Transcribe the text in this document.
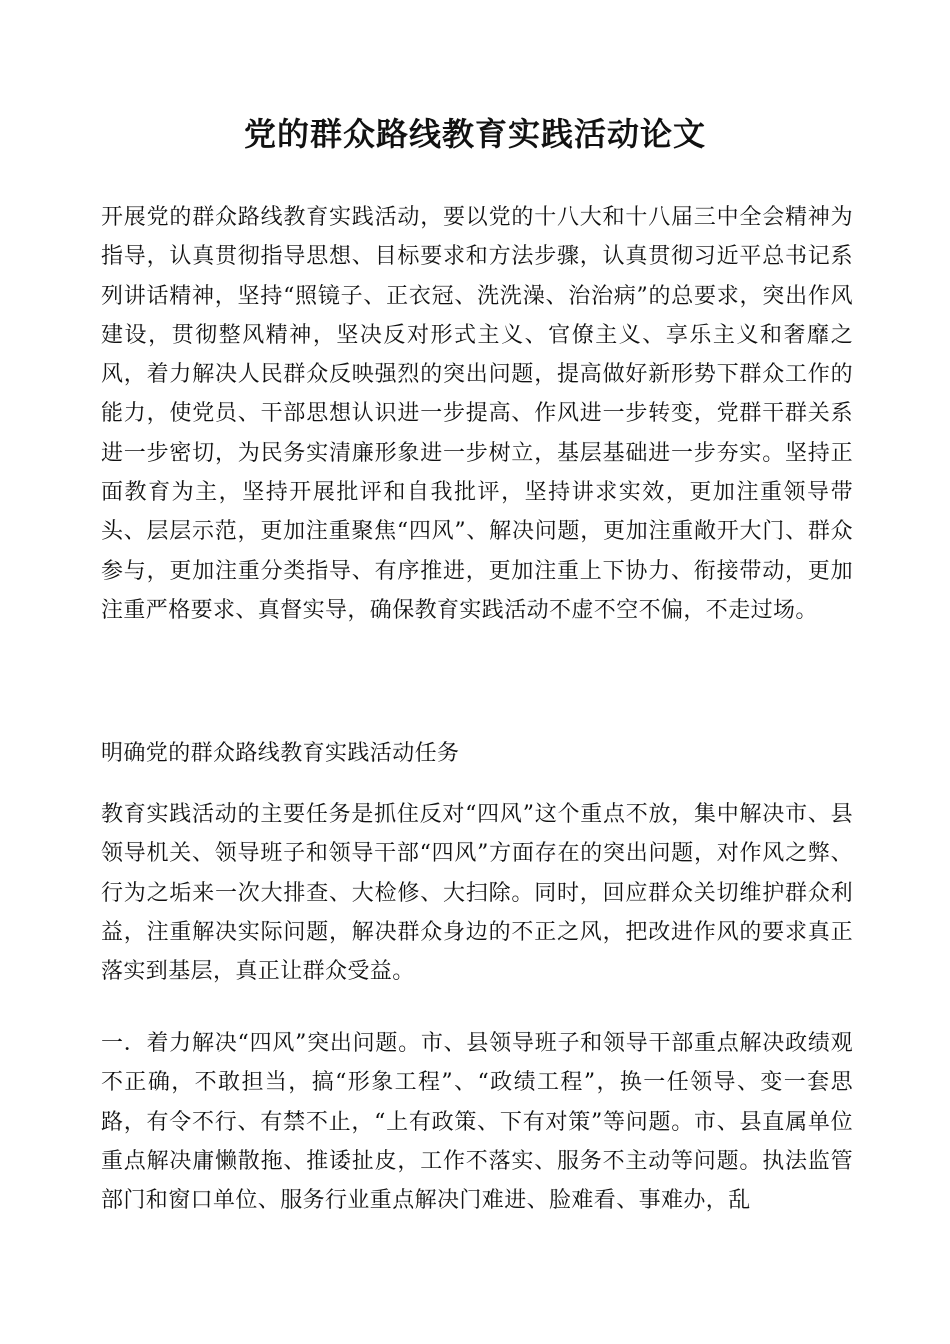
党的群众路线教育实践活动论文

开展党的群众路线教育实践活动，要以党的十八大和十八届三中全会精神为指导，认真贯彻指导思想、目标要求和方法步骤，认真贯彻习近平总书记系列讲话精神，坚持“照镜子、正衣冠、洗洗澡、治治病”的总要求，突出作风建设，贯彻整风精神，坚决反对形式主义、官僚主义、享乐主义和奢靡之风，着力解决人民群众反映强烈的突出问题，提高做好新形势下群众工作的能力，使党员、干部思想认识进一步提高、作风进一步转变，党群干群关系进一步密切，为民务实清廉形象进一步树立，基层基础进一步夯实。坚持正面教育为主，坚持开展批评和自我批评，坚持讲求实效，更加注重领导带头、层层示范，更加注重聚焦“四风”、解决问题，更加注重敞开大门、群众参与，更加注重分类指导、有序推进，更加注重上下协力、衔接带动，更加注重严格要求、真督实导，确保教育实践活动不虚不空不偏，不走过场。

明确党的群众路线教育实践活动任务

教育实践活动的主要任务是抓住反对“四风”这个重点不放，集中解决市、县领导机关、领导班子和领导干部“四风”方面存在的突出问题，对作风之弊、行为之垢来一次大排查、大检修、大扫除。同时，回应群众关切维护群众利益，注重解决实际问题，解决群众身边的不正之风，把改进作风的要求真正落实到基层，真正让群众受益。

一．着力解决“四风”突出问题。市、县领导班子和领导干部重点解决政绩观不正确，不敢担当，搞“形象工程”、“政绩工程”，换一任领导、变一套思路，有令不行、有禁不止，“上有政策、下有对策”等问题。市、县直属单位重点解决庸懒散拖、推诿扯皮，工作不落实、服务不主动等问题。执法监管部门和窗口单位、服务行业重点解决门难进、脸难看、事难办，乱
